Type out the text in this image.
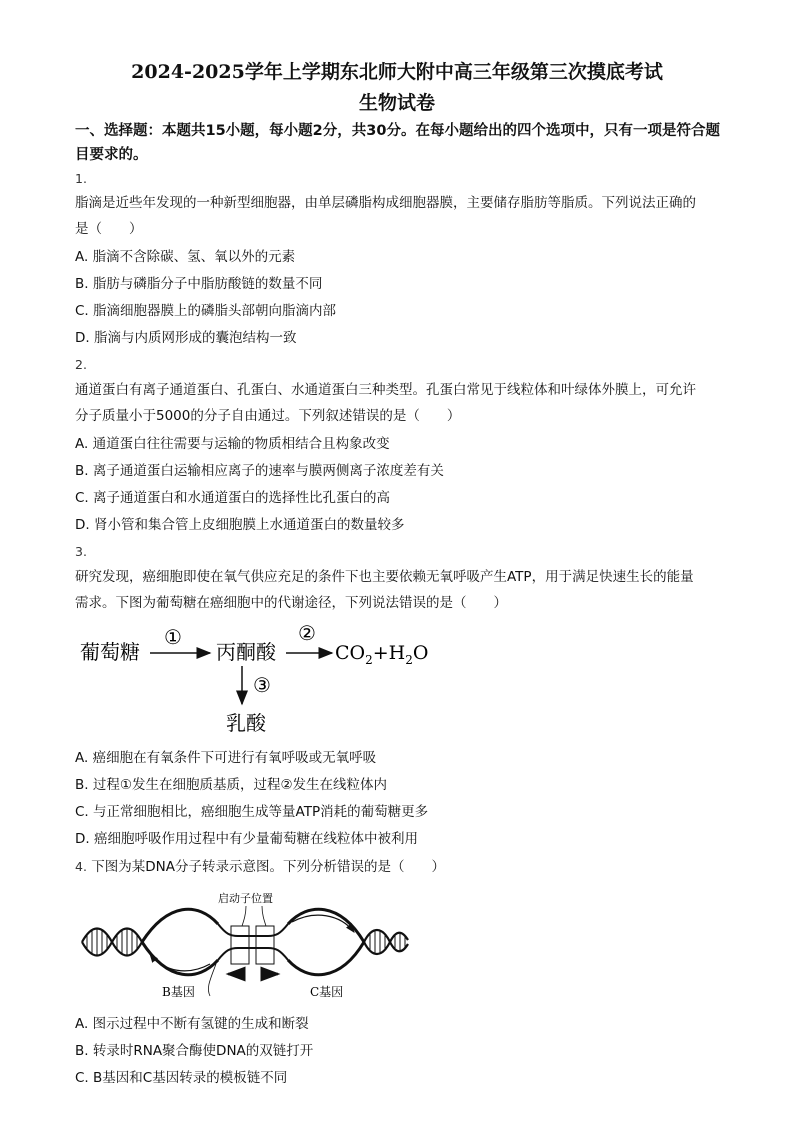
2024-2025学年上学期东北师大附中高三年级第三次摸底考试
生物试卷
一、选择题：本题共15小题，每小题2分，共30分。在每小题给出的四个选项中，只有一项是符合题目要求的。
1.
脂滴是近些年发现的一种新型细胞器，由单层磷脂构成细胞器膜，主要储存脂肪等脂质。下列说法正确的
是（　　）
A. 脂滴不含除碳、氢、氧以外的元素
B. 脂肪与磷脂分子中脂肪酸链的数量不同
C. 脂滴细胞器膜上的磷脂头部朝向脂滴内部
D. 脂滴与内质网形成的囊泡结构一致
2.
通道蛋白有离子通道蛋白、孔蛋白、水通道蛋白三种类型。孔蛋白常见于线粒体和叶绿体外膜上，可允许
分子质量小于5000的分子自由通过。下列叙述错误的是（　　）
A. 通道蛋白往往需要与运输的物质相结合且构象改变
B. 离子通道蛋白运输相应离子的速率与膜两侧离子浓度差有关
C. 离子通道蛋白和水通道蛋白的选择性比孔蛋白的高
D. 肾小管和集合管上皮细胞膜上水通道蛋白的数量较多
3.
研究发现，癌细胞即使在氧气供应充足的条件下也主要依赖无氧呼吸产生ATP，用于满足快速生长的能量
需求。下图为葡萄糖在癌细胞中的代谢途径，下列说法错误的是（　　）
葡萄糖
①
丙酮酸
②
$CO_2+H_2O$
③
乳酸
A. 癌细胞在有氧条件下可进行有氧呼吸或无氧呼吸
B. 过程①发生在细胞质基质，过程②发生在线粒体内
C. 与正常细胞相比，癌细胞生成等量ATP消耗的葡萄糖更多
D. 癌细胞呼吸作用过程中有少量葡萄糖在线粒体中被利用
4. 下图为某DNA分子转录示意图。下列分析错误的是（　　）
启动子位置
B基因	C基因
A. 图示过程中不断有氢键的生成和断裂
B. 转录时RNA聚合酶使DNA的双链打开
C. B基因和C基因转录的模板链不同
